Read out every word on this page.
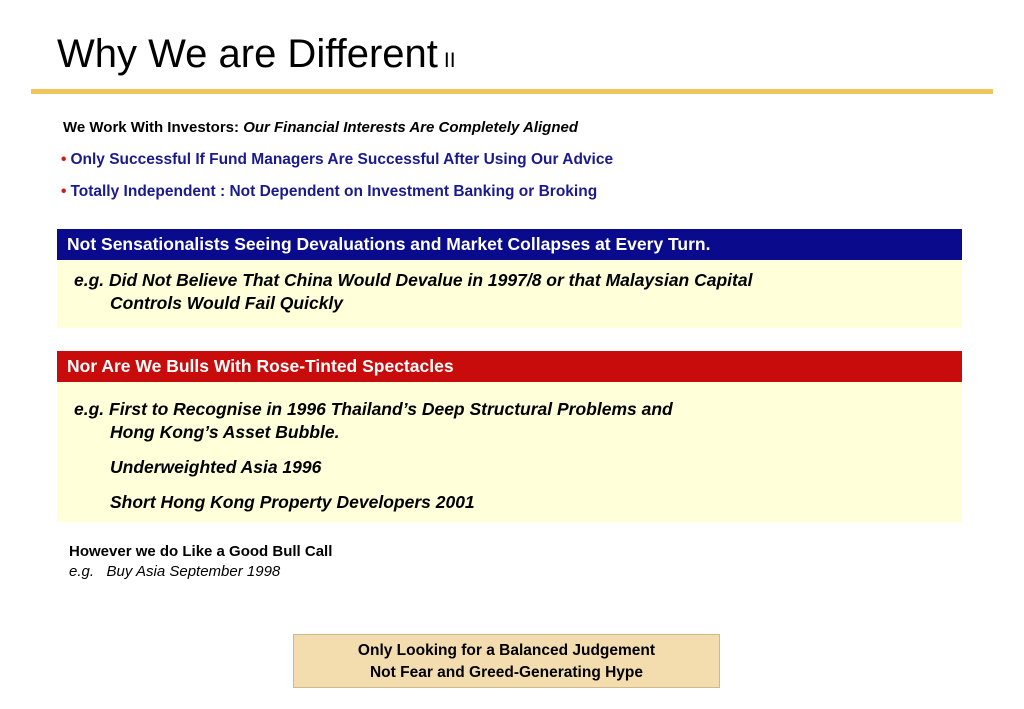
Why We are Different II
We Work With Investors: Our Financial Interests Are Completely Aligned
• Only Successful If Fund Managers Are Successful After Using Our Advice
• Totally Independent : Not Dependent on Investment Banking or Broking
Not Sensationalists Seeing Devaluations and Market Collapses at Every Turn.
e.g. Did Not Believe That China Would Devalue in 1997/8 or that Malaysian Capital
Controls Would Fail Quickly
Nor Are We Bulls With Rose-Tinted Spectacles
e.g. First to Recognise in 1996 Thailand’s Deep Structural Problems and
Hong Kong’s Asset Bubble.
Underweighted Asia 1996
Short Hong Kong Property Developers 2001
However we do Like a Good Bull Call
e.g. Buy Asia September 1998
Only Looking for a Balanced Judgement
Not Fear and Greed-Generating Hype
